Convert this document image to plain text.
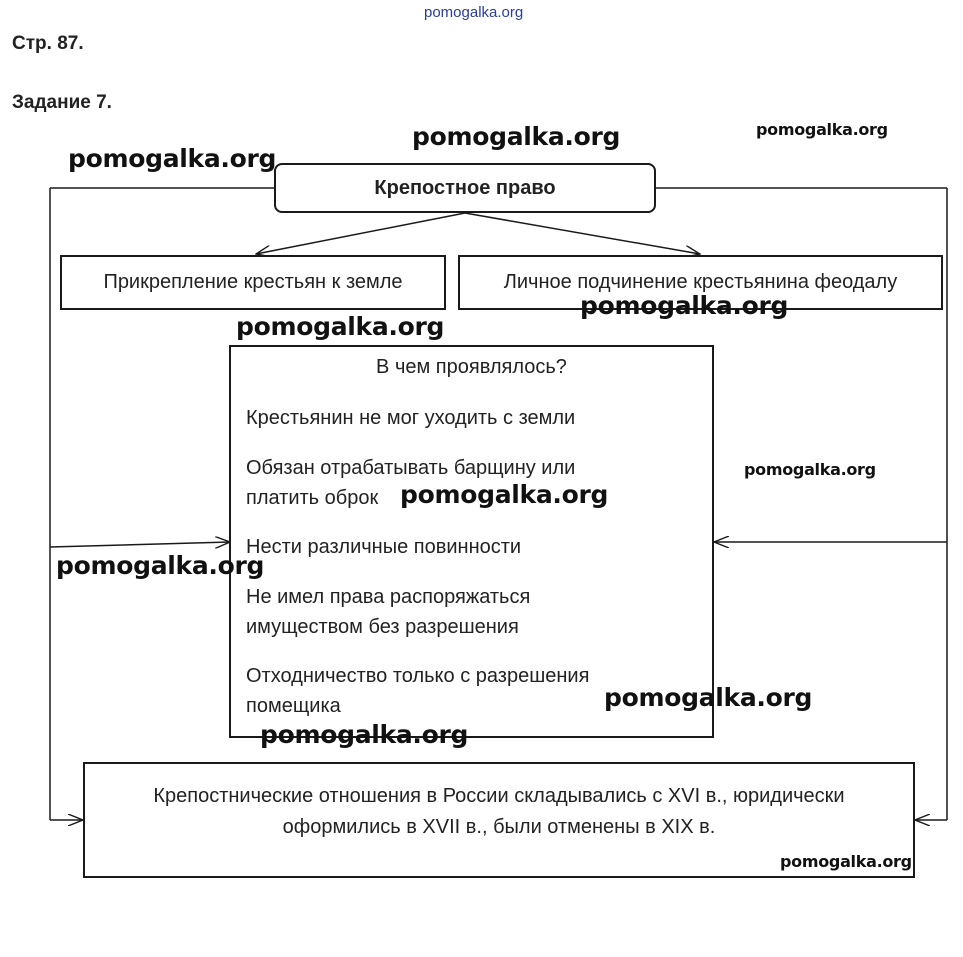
pomogalka.org
Стр. 87.
Задание 7.
Крепостное право
Прикрепление крестьян к земле	Личное подчинение крестьянина феодалу
В чем проявлялось?
Крестьянин не мог уходить с земли
Обязан отрабатывать барщину или
платить оброк
Нести различные повинности
Не имел права распоряжаться
имуществом без разрешения
Отходничество только с разрешения
помещика
Крепостнические отношения в России складывались с XVI в., юридически
оформились в XVII в., были отменены в XIX в.
pomogalka.org	pomogalka.org
pomogalka.org
pomogalka.org
pomogalka.org
pomogalka.org
pomogalka.org
pomogalka.org
pomogalka.org
pomogalka.org
pomogalka.org
